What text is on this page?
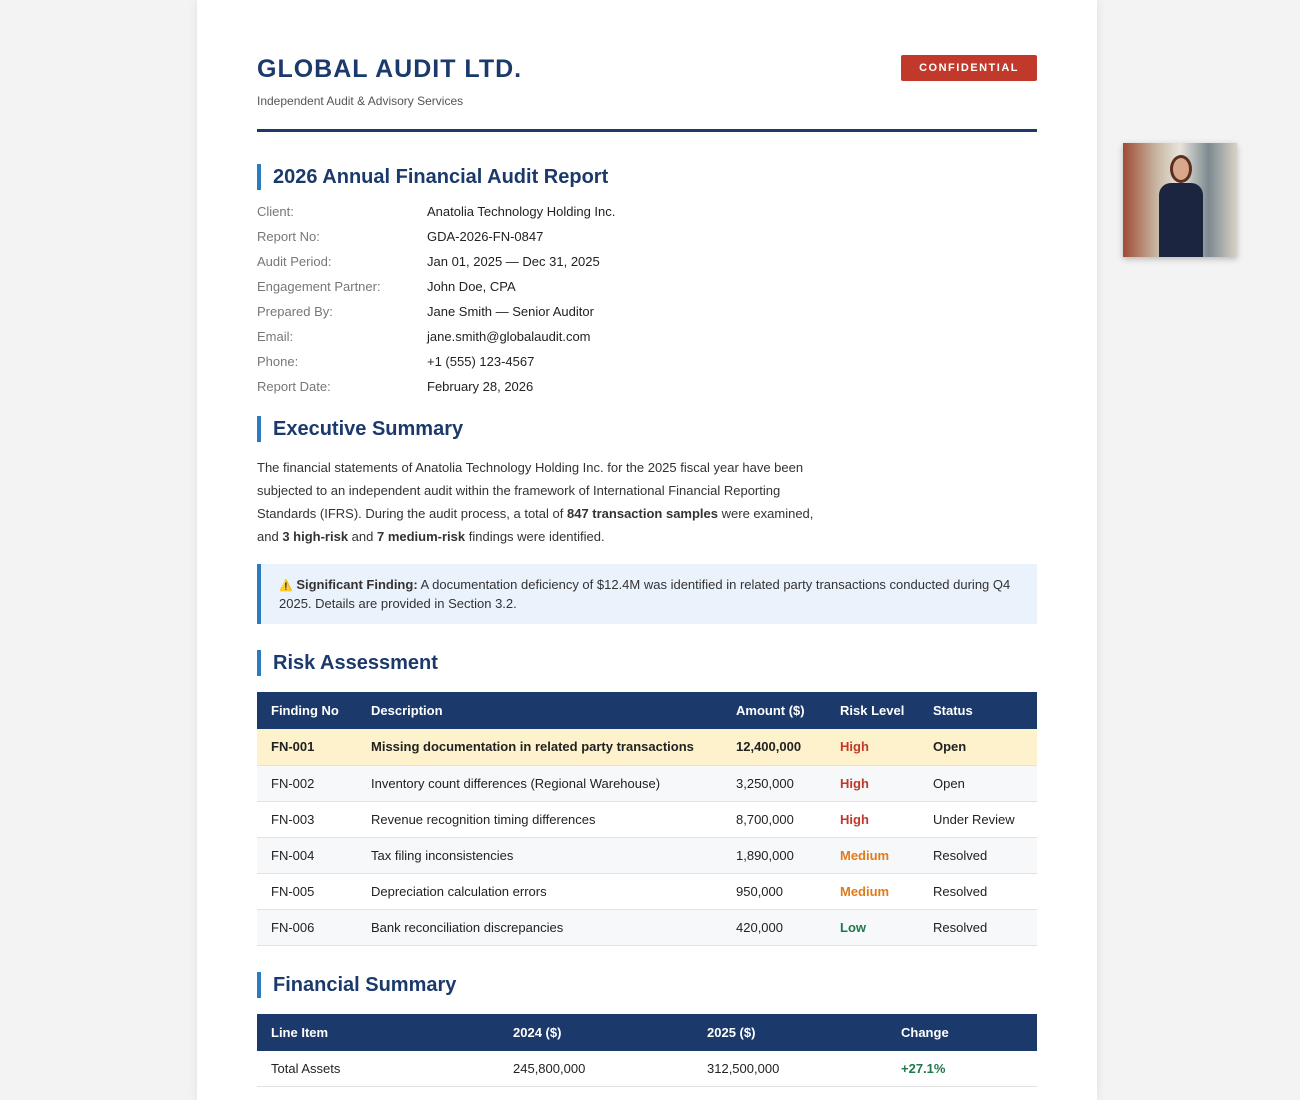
GLOBAL AUDIT LTD.
Independent Audit & Advisory Services
CONFIDENTIAL
2026 Annual Financial Audit Report
Client:	Anatolia Technology Holding Inc.
Report No:	GDA-2026-FN-0847
Audit Period:	Jan 01, 2025 — Dec 31, 2025
Engagement Partner:	John Doe, CPA
Prepared By:	Jane Smith — Senior Auditor
Email:	jane.smith@globalaudit.com
Phone:	+1 (555) 123-4567
Report Date:	February 28, 2026
Executive Summary

The financial statements of Anatolia Technology Holding Inc. for the 2025 fiscal year have been subjected to an independent audit within the framework of International Financial Reporting Standards (IFRS). During the audit process, a total of 847 transaction samples were examined, and 3 high-risk and 7 medium-risk findings were identified.

⚠️ Significant Finding: A documentation deficiency of $12.4M was identified in related party transactions conducted during Q4 2025. Details are provided in Section 3.2.
Risk Assessment
Finding No	Description	Amount ($)	Risk Level	Status
FN-001	Missing documentation in related party transactions	12,400,000	High	Open
FN-002	Inventory count differences (Regional Warehouse)	3,250,000	High	Open
FN-003	Revenue recognition timing differences	8,700,000	High	Under Review
FN-004	Tax filing inconsistencies	1,890,000	Medium	Resolved
FN-005	Depreciation calculation errors	950,000	Medium	Resolved
FN-006	Bank reconciliation discrepancies	420,000	Low	Resolved
Financial Summary
Line Item	2024 ($)	2025 ($)	Change
Total Assets	245,800,000	312,500,000	+27.1%
